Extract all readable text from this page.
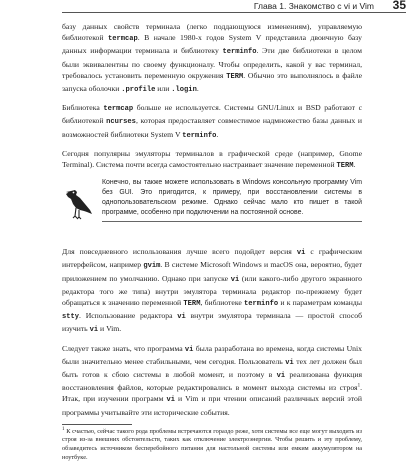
Глава 1. Знакомство с vi и Vim 35

базу данных свойств терминала (легко поддающуюся изменениям), управляемую библиотекой termcap. В начале 1980-х годов System V представила двоичную базу данных информации терминала и библиотеку terminfo. Эти две библиотеки в целом были эквивалентны по своему функционалу. Чтобы определить, какой у вас терминал, требовалось установить переменную окружения TERM. Обычно это выполнялось в файле запуска оболочки .profile или .login.

Библиотека termcap больше не используется. Системы GNU/Linux и BSD работают с библиотекой ncurses, которая предоставляет совместимое надмножество базы данных и возможностей библиотеки System V terminfo.

Сегодня популярны эмуляторы терминалов в графической среде (например, Gnome Terminal). Система почти всегда самостоятельно настраивает значение переменной TERM.

Конечно, вы также можете использовать в Windows консольную программу Vim без GUI. Это пригодится, к примеру, при восстановлении системы в однопользовательском режиме. Однако сейчас мало кто пишет в такой программе, особенно при подключении на постоянной основе.

Для повседневного использования лучше всего подойдет версия vi с графическим интерфейсом, например gvim. В системе Microsoft Windows и macOS она, вероятно, будет приложением по умолчанию. Однако при запуске vi (или какого-либо другого экранного редактора того же типа) внутри эмулятора терминала редактор по-прежнему будет обращаться к значению переменной TERM, библиотеке terminfo и к параметрам команды stty. Использование редактора vi внутри эмулятора терминала — простой способ изучить vi и Vim.

Следует также знать, что программа vi была разработана во времена, когда системы Unix были значительно менее стабильными, чем сегодня. Пользователь vi тех лет должен был быть готов к сбою системы в любой момент, и поэтому в vi реализована функция восстановления файлов, которые редактировались в момент выхода системы из строя$^1$. Итак, при изучении программ vi и Vim и при чтении описаний различных версий этой программы учитывайте эти исторические события.

$^1$ К счастью, сейчас такого рода проблемы встречаются гораздо реже, хотя системы все еще могут выходить из строя из-за внешних обстоятельств, таких как отключение электроэнергии. Чтобы решить и эту проблему, обзаведитесь источником бесперебойного питания для настольной системы или емким аккумулятором на ноутбуке.
